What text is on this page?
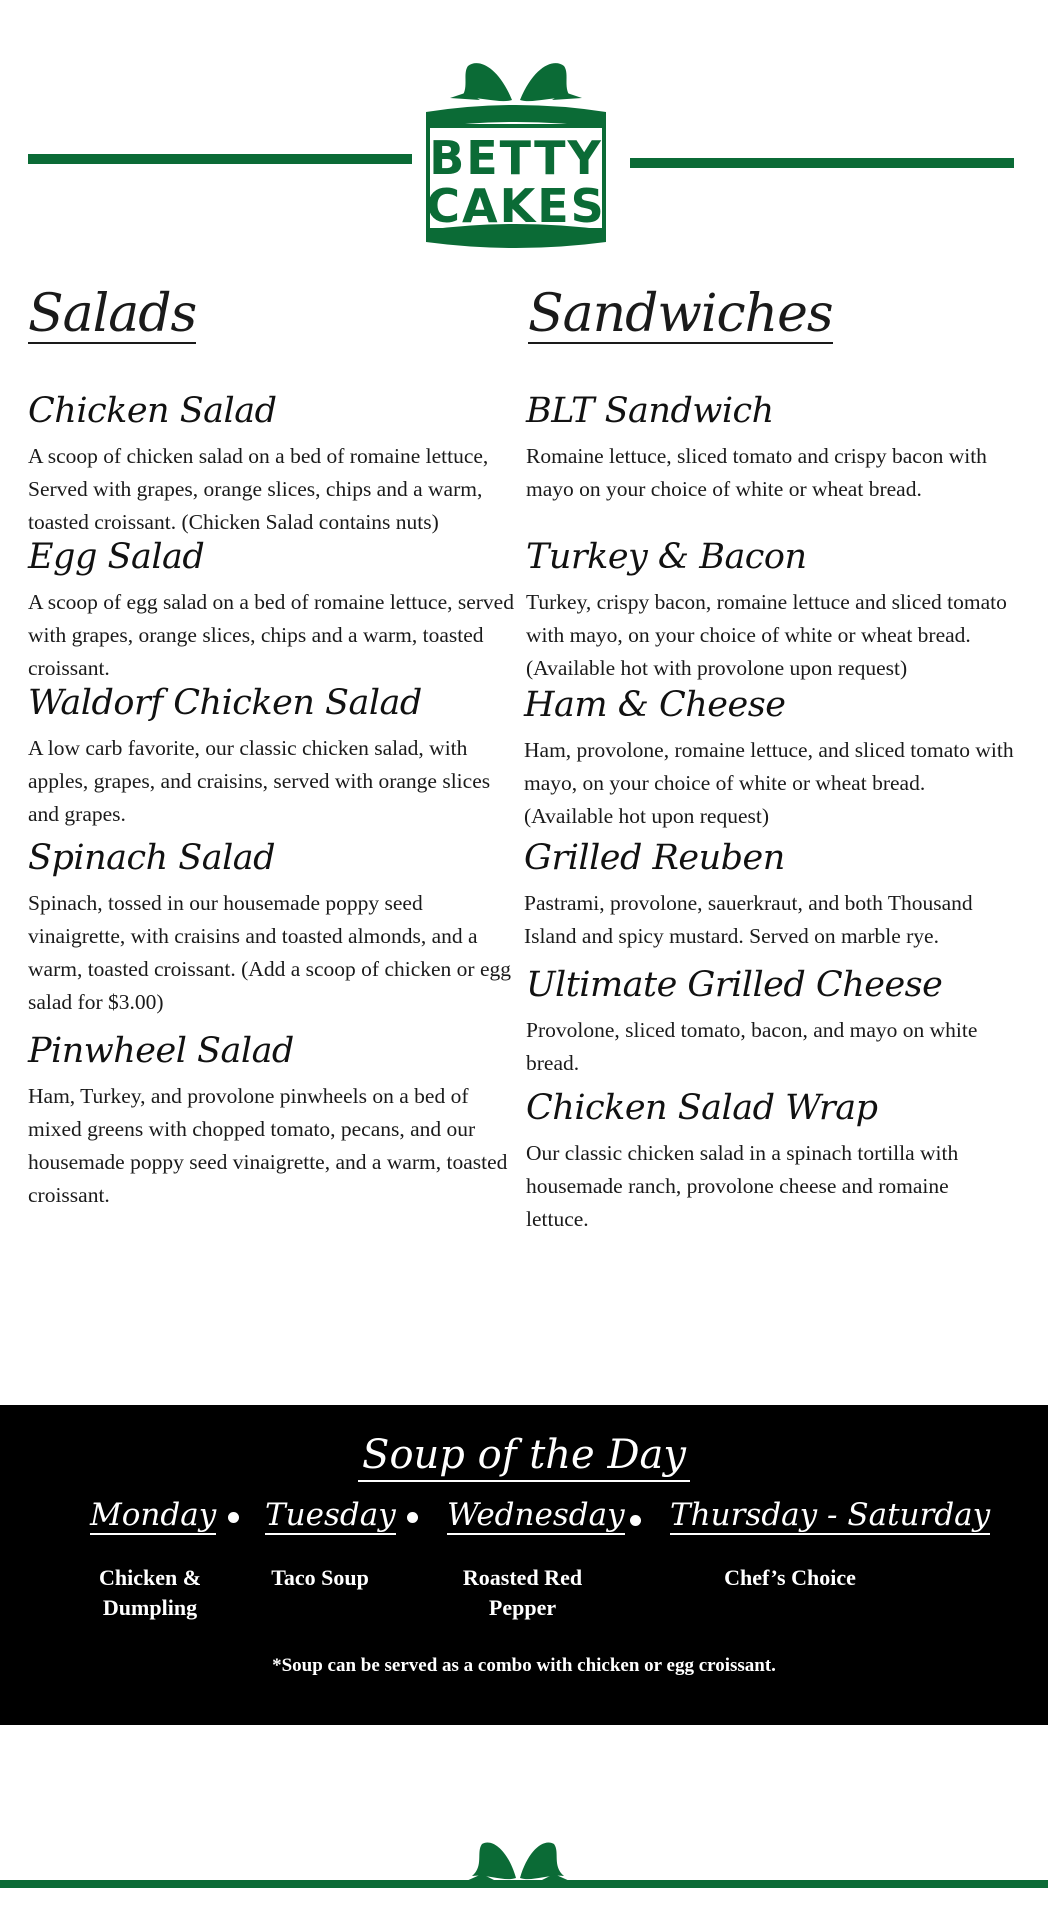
BETTY
CAKES
Salads	Sandwiches
Chicken Salad

A scoop of chicken salad on a bed of romaine lettuce, Served with grapes, orange slices, chips and a warm, toasted croissant. (Chicken Salad contains nuts)

Egg Salad

A scoop of egg salad on a bed of romaine lettuce, served with grapes, orange slices, chips and a warm, toasted croissant.

Waldorf Chicken Salad

A low carb favorite, our classic chicken salad, with apples, grapes, and craisins, served with orange slices and grapes.

Spinach Salad

Spinach, tossed in our housemade poppy seed vinaigrette, with craisins and toasted almonds, and a warm, toasted croissant. (Add a scoop of chicken or egg salad for $3.00)

Pinwheel Salad

Ham, Turkey, and provolone pinwheels on a bed of mixed greens with chopped tomato, pecans, and our housemade poppy seed vinaigrette, and a warm, toasted croissant.

BLT Sandwich

Romaine lettuce, sliced tomato and crispy bacon with mayo on your choice of white or wheat bread.

Turkey & Bacon

Turkey, crispy bacon, romaine lettuce and sliced tomato with mayo, on your choice of white or wheat bread. (Available hot with provolone upon request)

Ham & Cheese

Ham, provolone, romaine lettuce, and sliced tomato with mayo, on your choice of white or wheat bread. (Available hot upon request)

Grilled Reuben

Pastrami, provolone, sauerkraut, and both Thousand Island and spicy mustard. Served on marble rye.

Ultimate Grilled Cheese

Provolone, sliced tomato, bacon, and mayo on white bread.

Chicken Salad Wrap

Our classic chicken salad in a spinach tortilla with housemade ranch, provolone cheese and romaine lettuce.

Soup of the Day
Monday Tuesday Wednesday Thursday - Saturday

Chicken & Dumpling

Taco Soup	Roasted Red Pepper

Chef’s Choice

*Soup can be served as a combo with chicken or egg croissant.
